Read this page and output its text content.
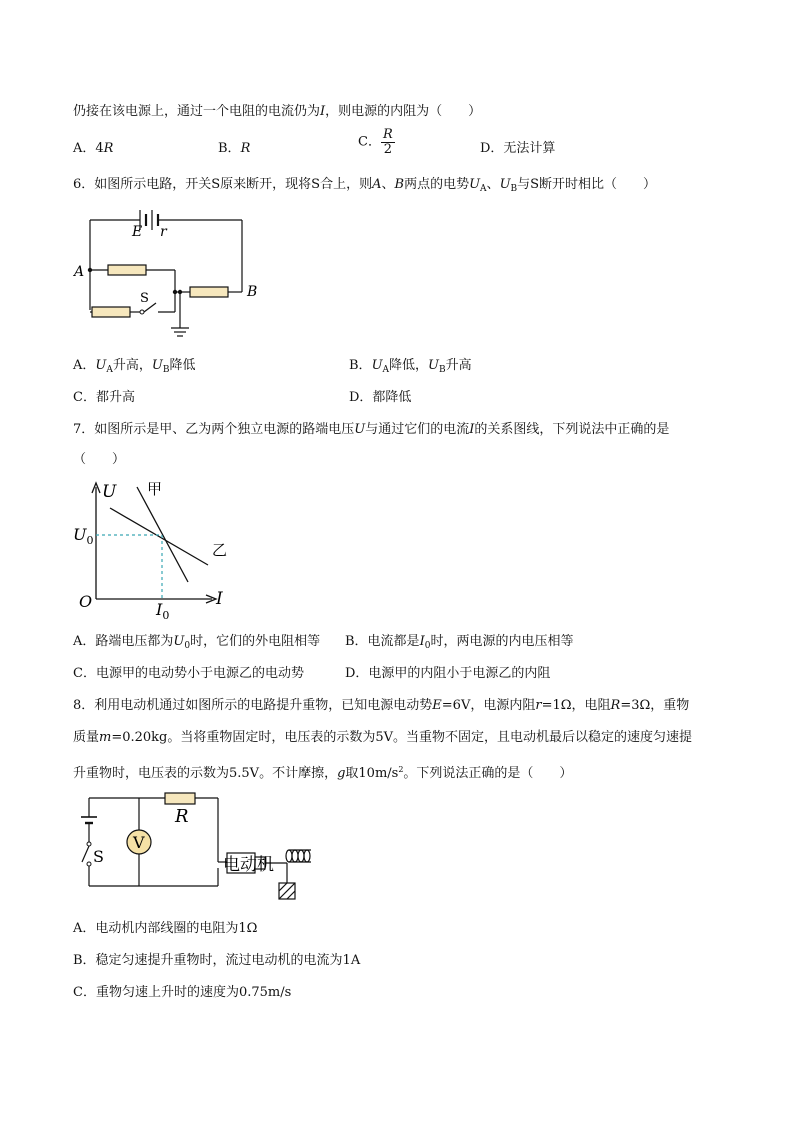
仍接在该电源上，通过一个电阻的电流仍为I，则电源的内阻为（　　）
A．4R	B．R	C． $\frac{R}{2}$	D．无法计算
6．如图所示电路，开关S原来断开，现将S合上，则A、B两点的电势$U_A$、$U_B$与S断开时相比（　　）
E r
A
B
S
A．$U_A$升高，$U_B$降低	B．$U_A$降低，$U_B$升高
C．都升高	D．都降低
7．如图所示是甲、乙为两个独立电源的路端电压U与通过它们的电流I的关系图线，下列说法中正确的是
（　　）
U 甲
乙
$U_0$
O	$I_0$
I
A．路端电压都为$U_0$时，它们的外电阻相等 B．电流都是$I_0$时，两电源的内电压相等
C．电源甲的电动势小于电源乙的电动势	D．电源甲的内阻小于电源乙的内阻
8．利用电动机通过如图所示的电路提升重物，已知电源电动势E=6V，电源内阻r=1Ω，电阻R=3Ω，重物
质量m=0.20kg。当将重物固定时，电压表的示数为5V。当重物不固定，且电动机最后以稳定的速度匀速提
升重物时，电压表的示数为5.5V。不计摩擦，g取$10m/s^2$。下列说法正确的是（　　）
V
R
S	电动机
A．电动机内部线圈的电阻为1Ω
B．稳定匀速提升重物时，流过电动机的电流为1A
C．重物匀速上升时的速度为0.75m/s
